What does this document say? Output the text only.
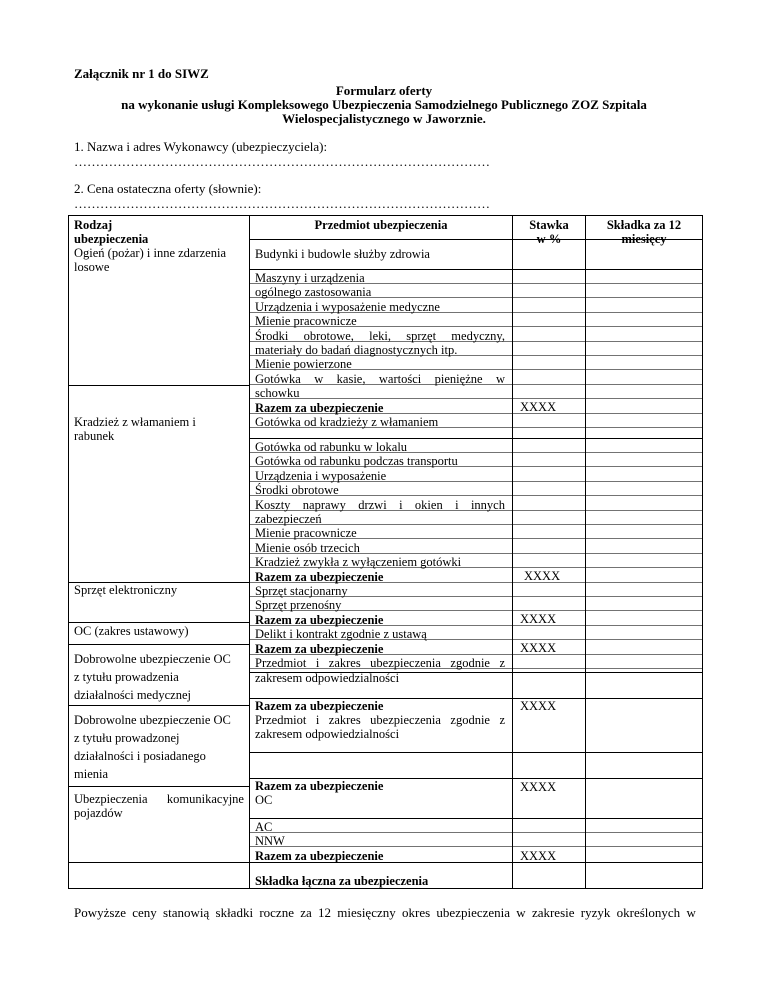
Załącznik nr 1 do SIWZ
Formularz oferty
na wykonanie usługi Kompleksowego Ubezpieczenia Samodzielnego Publicznego ZOZ Szpitala
Wielospecjalistycznego w Jaworznie.
1. Nazwa i adres Wykonawcy (ubezpieczyciela):
……………………………………………………………………………………
2. Cena ostateczna oferty (słownie):
……………………………………………………………………………………
Rodzaj
ubezpieczenia
Przedmiot ubezpieczenia	Stawka
w %
Składka za 12
miesięcy
Ogień (pożar) i inne zdarzenia
losowe
Kradzież z włamaniem i
rabunek
Sprzęt elektroniczny
OC (zakres ustawowy)
Dobrowolne ubezpieczenie OC
z tytułu prowadzenia
działalności medycznej
Dobrowolne ubezpieczenie OC
z tytułu prowadzonej
działalności i posiadanego
mienia
Ubezpieczenia komunikacyjne
pojazdów
Budynki i budowle służby zdrowia
Maszyny i urządzenia
ogólnego zastosowania
Urządzenia i wyposażenie medyczne
Mienie pracownicze
Środki obrotowe, leki, sprzęt medyczny,
materiały do badań diagnostycznych itp.
Mienie powierzone
Gotówka w kasie, wartości pieniężne w
schowku
Razem za ubezpieczenie
Gotówka od kradzieży z włamaniem
Gotówka od rabunku w lokalu
Gotówka od rabunku podczas transportu
Urządzenia i wyposażenie
Środki obrotowe
Koszty naprawy drzwi i okien i innych
zabezpieczeń
Mienie pracownicze
Mienie osób trzecich
Kradzież zwykła z wyłączeniem gotówki
Razem za ubezpieczenie
Sprzęt stacjonarny
Sprzęt przenośny
Razem za ubezpieczenie
Delikt i kontrakt zgodnie z ustawą
Razem za ubezpieczenie
Przedmiot i zakres ubezpieczenia zgodnie z
zakresem odpowiedzialności
Razem za ubezpieczenie
Przedmiot i zakres ubezpieczenia zgodnie z
zakresem odpowiedzialności
Razem za ubezpieczenie
OC
AC
NNW
Razem za ubezpieczenie
Składka łączna za ubezpieczenia
XXXX
XXXX
XXXX
XXXX
XXXX
XXXX
XXXX
Powyższe ceny stanowią składki roczne za 12 miesięczny okres ubezpieczenia w zakresie ryzyk określonych w
